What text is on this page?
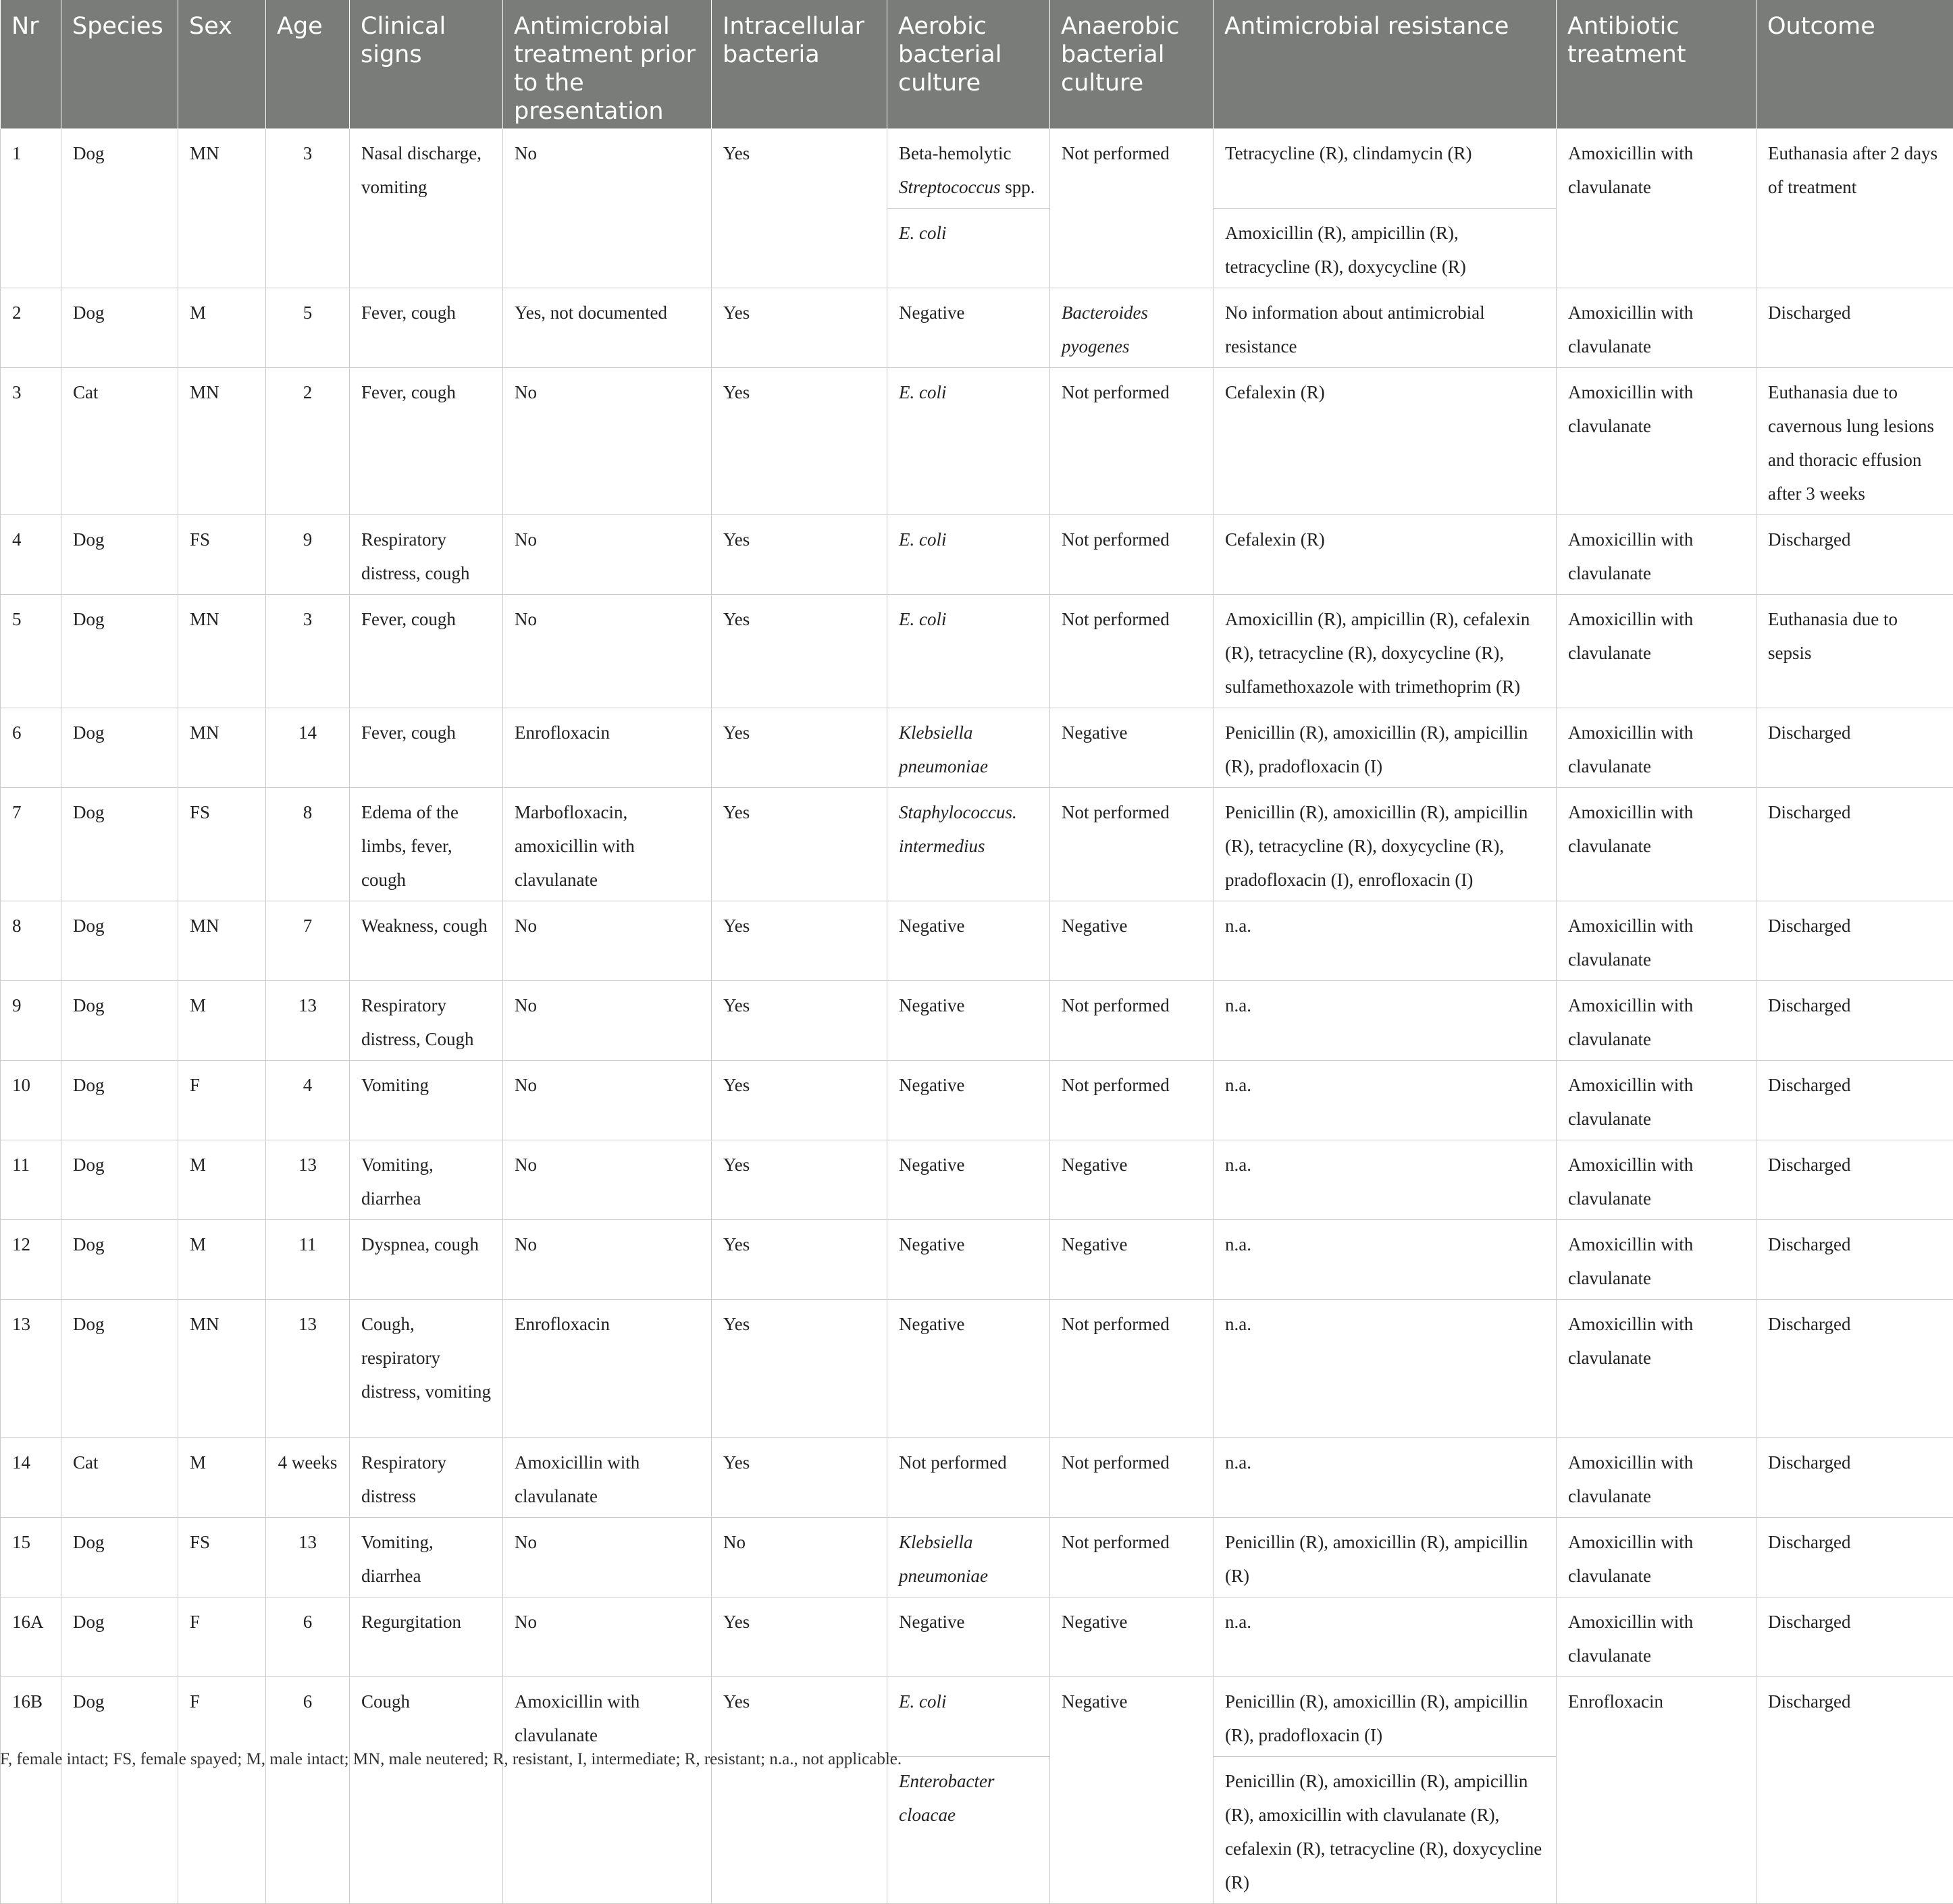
Nr	Species	Sex	Age	Clinical signs	Antimicrobial treatment prior to the presentation	Intracellular bacteria	Aerobic bacterial culture	Anaerobic bacterial culture	Antimicrobial resistance	Antibiotic treatment	Outcome
1	Dog	MN	3	Nasal discharge, vomiting	No	Yes	Beta-hemolytic Streptococcus spp.	Not performed	Tetracycline (R), clindamycin (R)	Amoxicillin with clavulanate	Euthanasia after 2 days of treatment
							E. coli		Amoxicillin (R), ampicillin (R), tetracycline (R), doxycycline (R)		
2	Dog	M	5	Fever, cough	Yes, not documented	Yes	Negative	Bacteroides pyogenes	No information about antimicrobial resistance	Amoxicillin with clavulanate	Discharged
3	Cat	MN	2	Fever, cough	No	Yes	E. coli	Not performed	Cefalexin (R)	Amoxicillin with clavulanate	Euthanasia due to cavernous lung lesions and thoracic effusion after 3 weeks
4	Dog	FS	9	Respiratory distress, cough	No	Yes	E. coli	Not performed	Cefalexin (R)	Amoxicillin with clavulanate	Discharged
5	Dog	MN	3	Fever, cough	No	Yes	E. coli	Not performed	Amoxicillin (R), ampicillin (R), cefalexin (R), tetracycline (R), doxycycline (R), sulfamethoxazole with trimethoprim (R)	Amoxicillin with clavulanate	Euthanasia due to sepsis
6	Dog	MN	14	Fever, cough	Enrofloxacin	Yes	Klebsiella pneumoniae	Negative	Penicillin (R), amoxicillin (R), ampicillin (R), pradofloxacin (I)	Amoxicillin with clavulanate	Discharged
7	Dog	FS	8	Edema of the limbs, fever, cough	Marbofloxacin, amoxicillin with clavulanate	Yes	Staphylococcus. intermedius	Not performed	Penicillin (R), amoxicillin (R), ampicillin (R), tetracycline (R), doxycycline (R), pradofloxacin (I), enrofloxacin (I)	Amoxicillin with clavulanate	Discharged
8	Dog	MN	7	Weakness, cough	No	Yes	Negative	Negative	n.a.	Amoxicillin with clavulanate	Discharged
9	Dog	M	13	Respiratory distress, Cough	No	Yes	Negative	Not performed	n.a.	Amoxicillin with clavulanate	Discharged
10	Dog	F	4	Vomiting	No	Yes	Negative	Not performed	n.a.	Amoxicillin with clavulanate	Discharged
11	Dog	M	13	Vomiting, diarrhea	No	Yes	Negative	Negative	n.a.	Amoxicillin with clavulanate	Discharged
12	Dog	M	11	Dyspnea, cough	No	Yes	Negative	Negative	n.a.	Amoxicillin with clavulanate	Discharged
13	Dog	MN	13	Cough, respiratory distress, vomiting	Enrofloxacin	Yes	Negative	Not performed	n.a.	Amoxicillin with clavulanate	Discharged
14	Cat	M	4 weeks	Respiratory distress	Amoxicillin with clavulanate	Yes	Not performed	Not performed	n.a.	Amoxicillin with clavulanate	Discharged
15	Dog	FS	13	Vomiting, diarrhea	No	No	Klebsiella pneumoniae	Not performed	Penicillin (R), amoxicillin (R), ampicillin (R)	Amoxicillin with clavulanate	Discharged
16A	Dog	F	6	Regurgitation	No	Yes	Negative	Negative	n.a.	Amoxicillin with clavulanate	Discharged
16B	Dog	F	6	Cough	Amoxicillin with clavulanate	Yes	E. coli	Negative	Penicillin (R), amoxicillin (R), ampicillin (R), pradofloxacin (I)	Enrofloxacin	Discharged
							Enterobacter cloacae		Penicillin (R), amoxicillin (R), ampicillin (R), amoxicillin with clavulanate (R), cefalexin (R), tetracycline (R), doxycycline (R)		
F, female intact; FS, female spayed; M, male intact; MN, male neutered; R, resistant, I, intermediate; R, resistant; n.a., not applicable.
